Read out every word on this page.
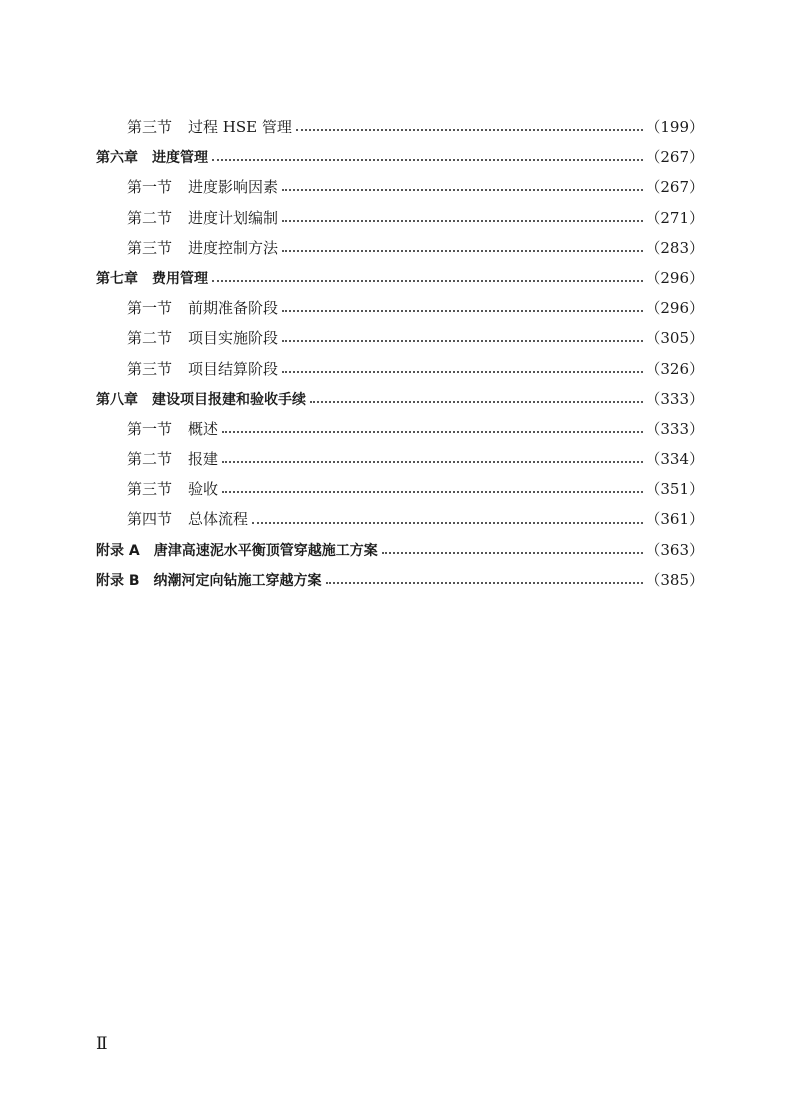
第三节 过程 HSE 管理	（199）
第六章 进度管理	（267）
第一节 进度影响因素	（267）
第二节 进度计划编制	（271）
第三节 进度控制方法	（283）
第七章 费用管理	（296）
第一节 前期准备阶段	（296）
第二节 项目实施阶段	（305）
第三节 项目结算阶段	（326）
第八章 建设项目报建和验收手续	（333）
第一节 概述	（333）
第二节 报建	（334）
第三节 验收	（351）
第四节 总体流程	（361）
附录 A 唐津高速泥水平衡顶管穿越施工方案	（363）
附录 B 纳潮河定向钻施工穿越方案	（385）
Ⅱ
